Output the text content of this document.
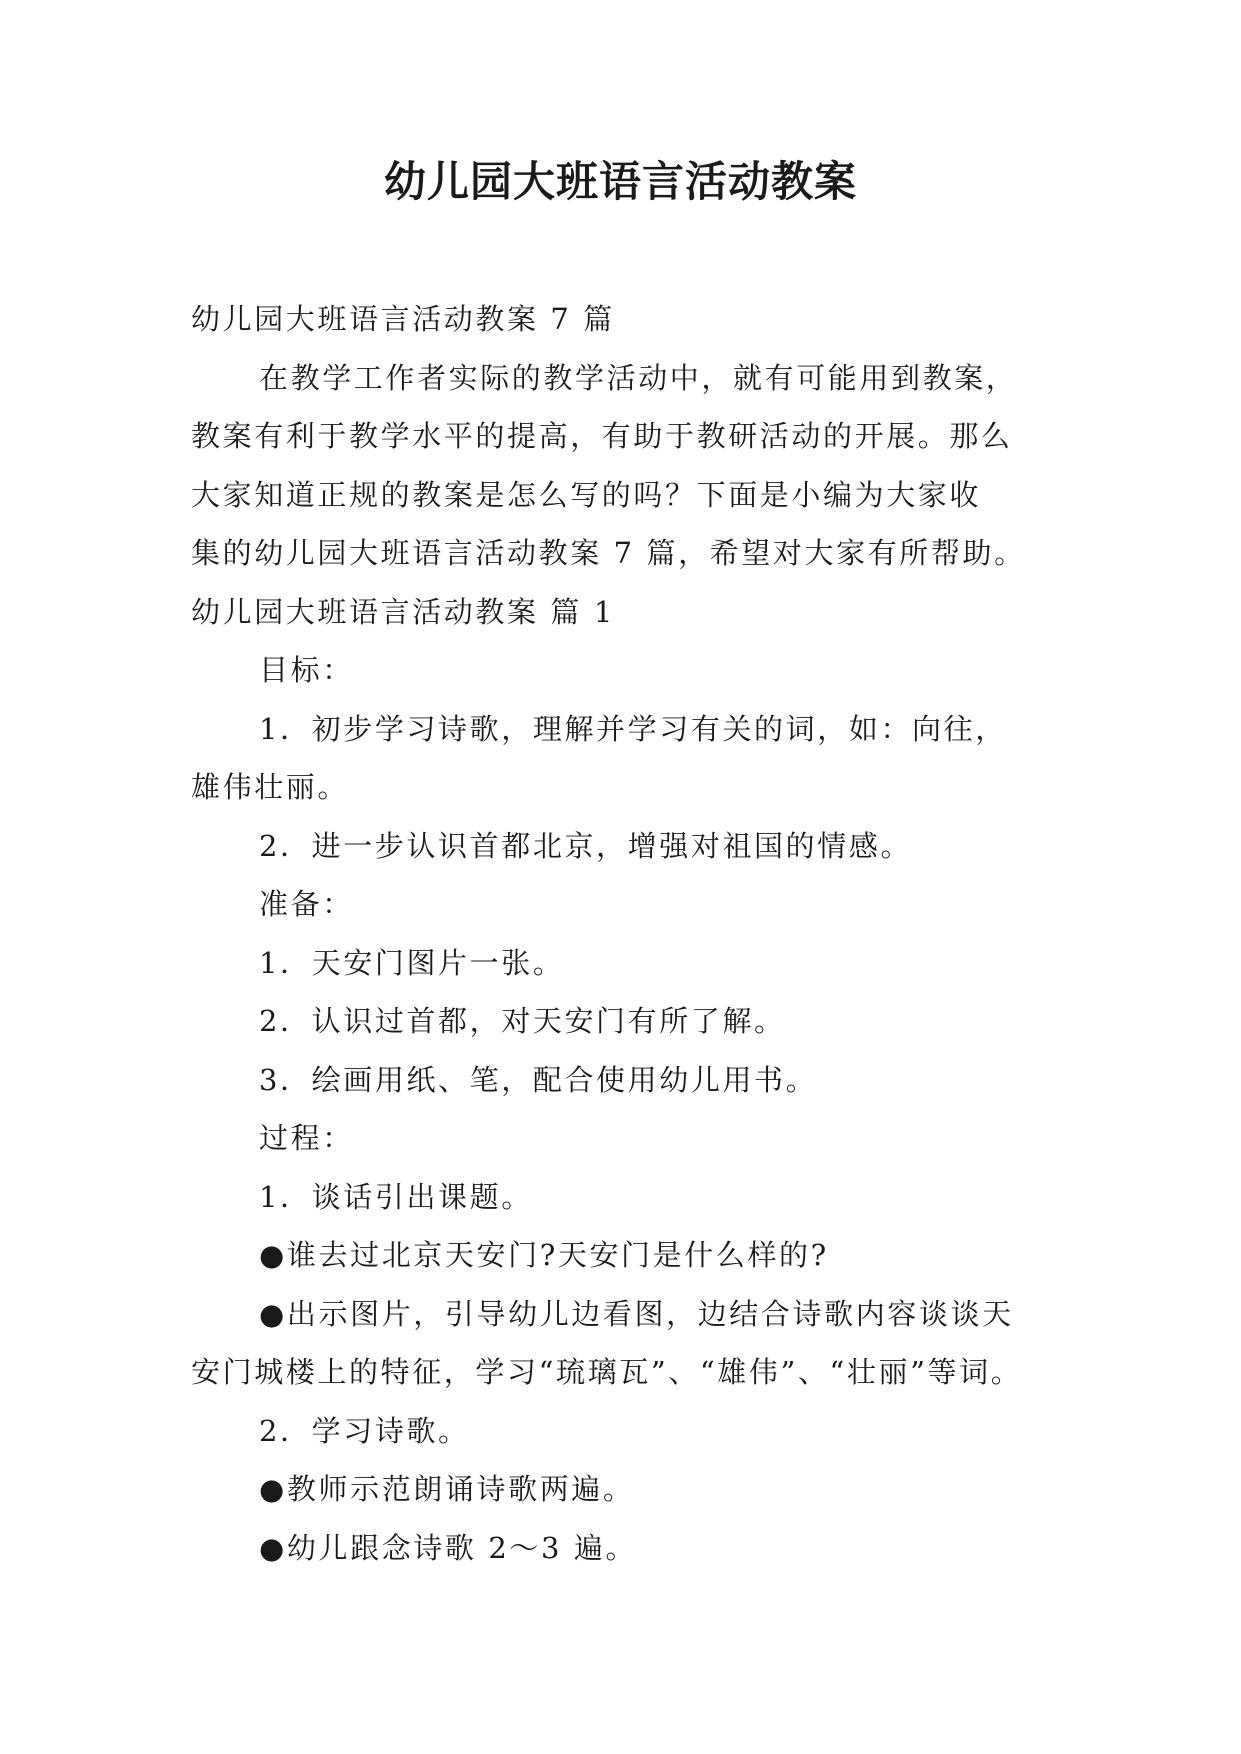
幼儿园大班语言活动教案
幼儿园大班语言活动教案 7 篇
在教学工作者实际的教学活动中，就有可能用到教案，
教案有利于教学水平的提高，有助于教研活动的开展。那么
大家知道正规的教案是怎么写的吗？下面是小编为大家收
集的幼儿园大班语言活动教案 7 篇，希望对大家有所帮助。
幼儿园大班语言活动教案 篇 1
目标：
1．初步学习诗歌，理解并学习有关的词，如：向往，
雄伟壮丽。
2．进一步认识首都北京，增强对祖国的情感。
准备：
1．天安门图片一张。
2．认识过首都，对天安门有所了解。
3．绘画用纸、笔，配合使用幼儿用书。
过程：
1．谈话引出课题。
●谁去过北京天安门?天安门是什么样的?
●出示图片，引导幼儿边看图，边结合诗歌内容谈谈天
安门城楼上的特征，学习“琉璃瓦”、“雄伟”、“壮丽”等词。
2．学习诗歌。
●教师示范朗诵诗歌两遍。
●幼儿跟念诗歌 2～3 遍。
